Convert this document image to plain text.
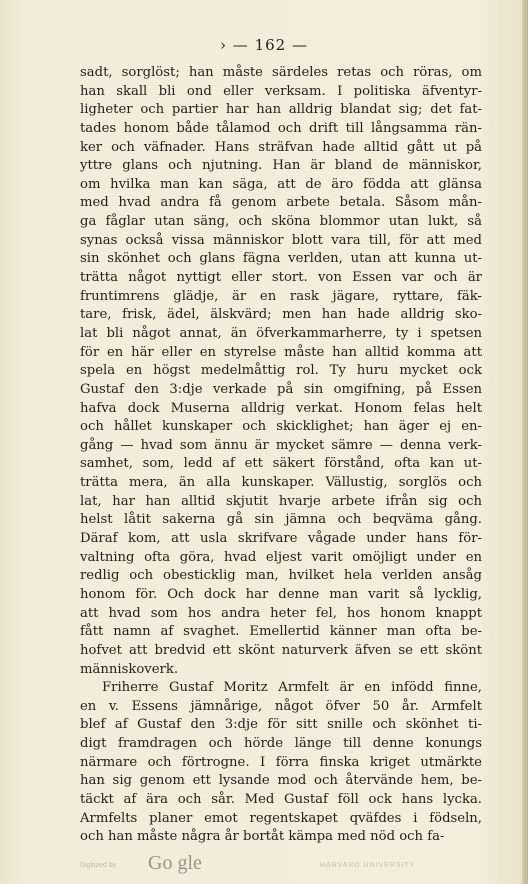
› — 162 —
sadt, sorglöst; han måste särdeles retas och röras, om
han skall bli ond eller verksam. I politiska äfventyr-
ligheter och partier har han alldrig blandat sig; det fat-
tades honom både tålamod och drift till långsamma rän-
ker och väfnader. Hans sträfvan hade alltid gått ut på
yttre glans och njutning. Han är bland de människor,
om hvilka man kan säga, att de äro födda att glänsa
med hvad andra få genom arbete betala. Såsom mån-
ga fåglar utan säng, och sköna blommor utan lukt, så
synas också vissa människor blott vara till, för att med
sin skönhet och glans fägna verlden, utan att kunna ut-
trätta något nyttigt eller stort. von Essen var och är
fruntimrens glädje, är en rask jägare, ryttare, fäk-
tare, frisk, ädel, älskvärd; men han hade alldrig sko-
lat bli något annat, än öfverkammarherre, ty i spetsen
för en här eller en styrelse måste han alltid komma att
spela en högst medelmåttig rol. Ty huru mycket ock
Gustaf den 3:dje verkade på sin omgifning, på Essen
hafva dock Muserna alldrig verkat. Honom felas helt
och hållet kunskaper och skicklighet; han äger ej en-
gång — hvad som ännu är mycket sämre — denna verk-
samhet, som, ledd af ett säkert förstånd, ofta kan ut-
trätta mera, än alla kunskaper. Vällustig, sorglös och
lat, har han alltid skjutit hvarje arbete ifrån sig och
helst låtit sakerna gå sin jämna och beqväma gång.
Däraf kom, att usla skrifvare vågade under hans för-
valtning ofta göra, hvad eljest varit omöjligt under en
redlig och obesticklig man, hvilket hela verlden ansåg
honom för. Och dock har denne man varit så lycklig,
att hvad som hos andra heter fel, hos honom knappt
fått namn af svaghet. Emellertid känner man ofta be-
hofvet att bredvid ett skönt naturverk äfven se ett skönt
människoverk.
Friherre Gustaf Moritz Armfelt är en infödd finne,
en v. Essens jämnårige, något öfver 50 år. Armfelt
blef af Gustaf den 3:dje för sitt snille och skönhet ti-
digt framdragen och hörde länge till denne konungs
närmare och förtrogne. I förra finska kriget utmärkte
han sig genom ett lysande mod och återvände hem, be-
täckt af ära och sår. Med Gustaf föll ock hans lycka.
Armfelts planer emot regentskapet qväfdes i födseln,
och han måste några år bortåt kämpa med nöd och fa-
Digitized by Go gle	HARVARD UNIVERSITY
